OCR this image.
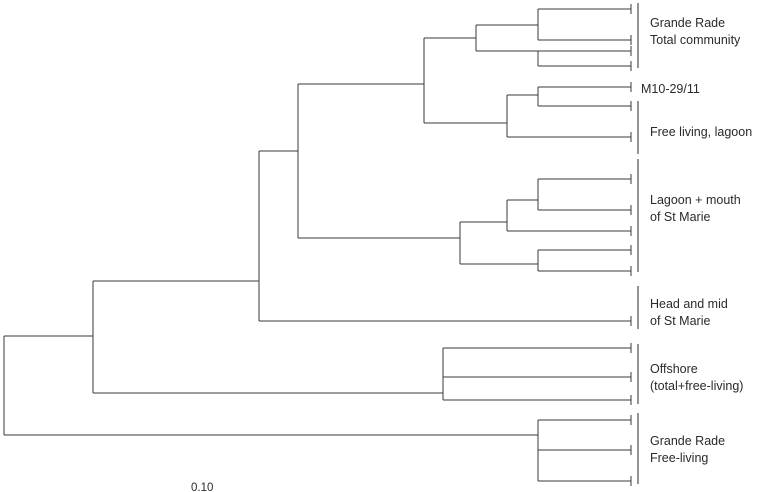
Grande Rade
Total community
M10-29/11
Free living, lagoon
Lagoon + mouth
of St Marie
Head and mid
of St Marie
Offshore
(total+free-living)
Grande Rade
Free-living
0.10
